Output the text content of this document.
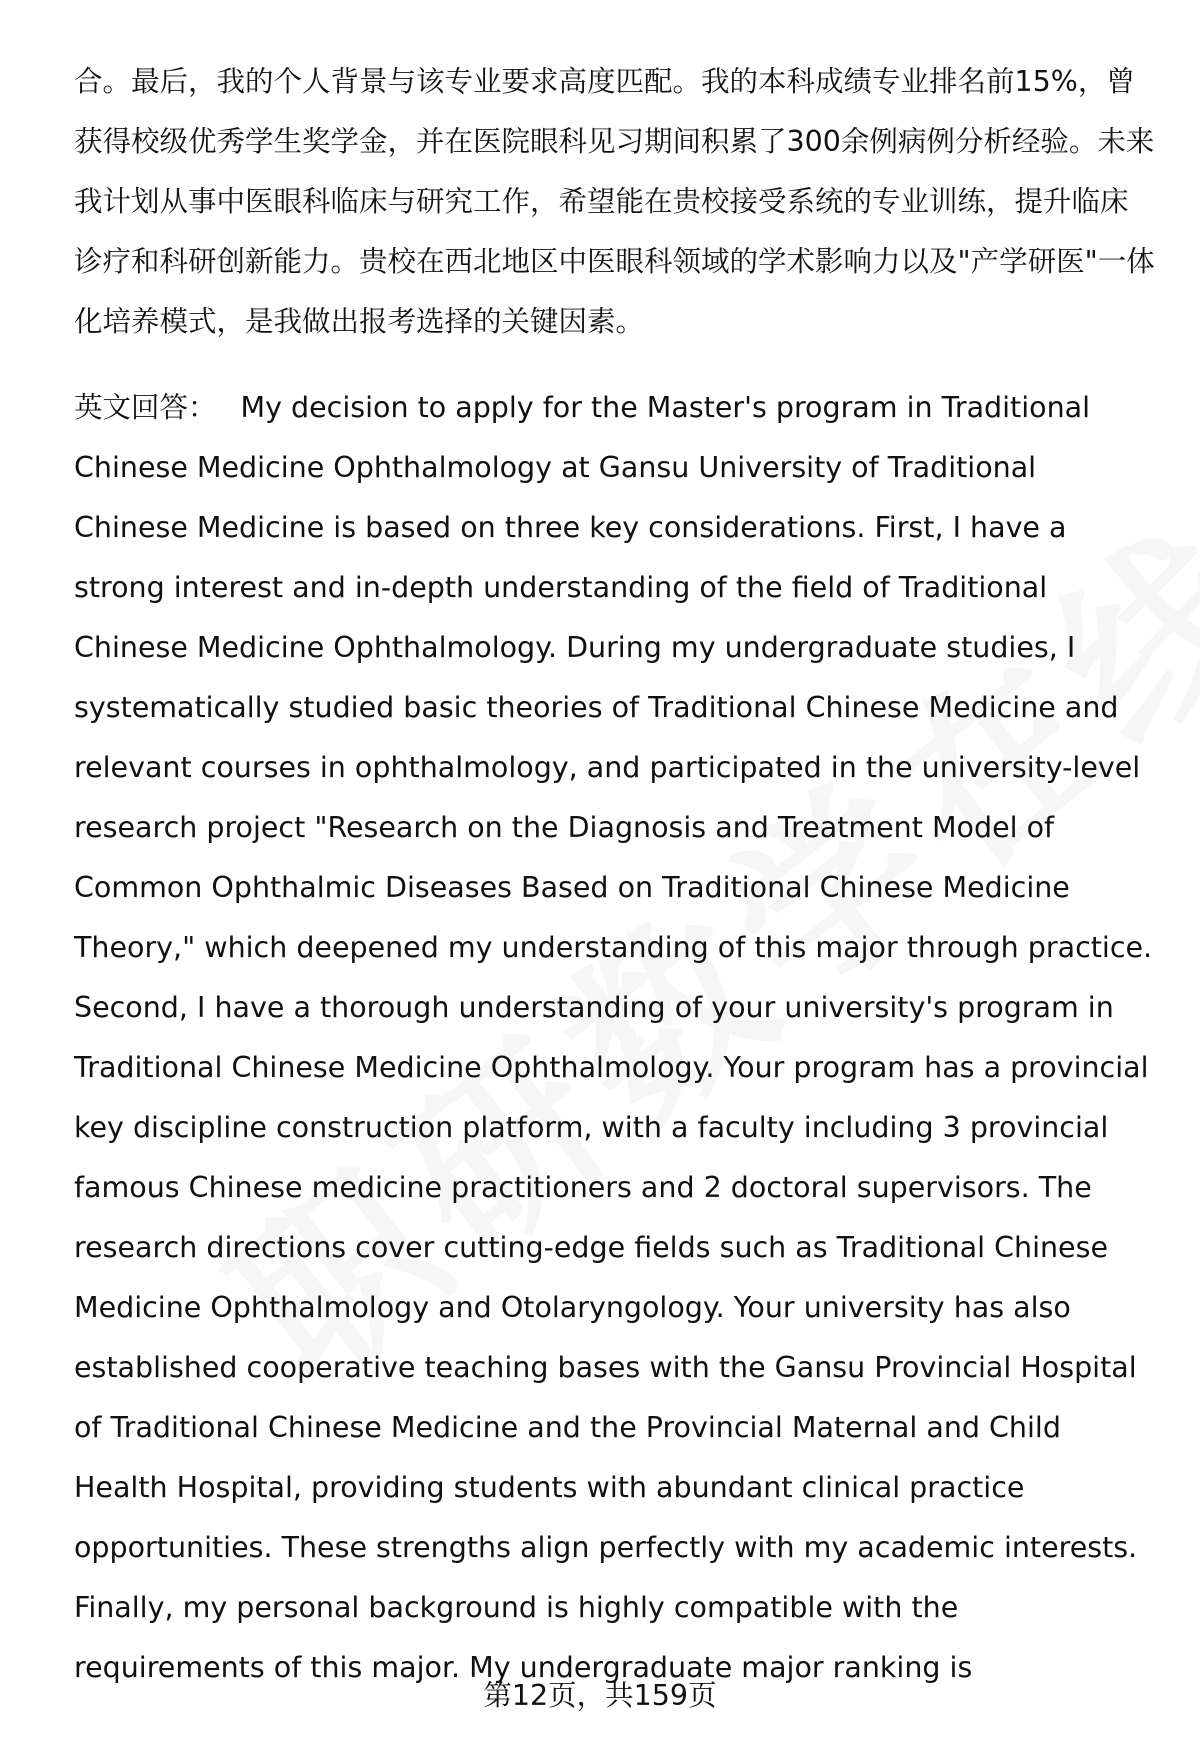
合。最后，我的个人背景与该专业要求高度匹配。我的本科成绩专业排名前15%，曾获得校级优秀学生奖学金，并在医院眼科见习期间积累了300余例病例分析经验。未来我计划从事中医眼科临床与研究工作，希望能在贵校接受系统的专业训练，提升临床诊疗和科研创新能力。贵校在西北地区中医眼科领域的学术影响力以及"产学研医"一体化培养模式，是我做出报考选择的关键因素。

英文回答： My decision to apply for the Master's program in Traditional Chinese Medicine Ophthalmology at Gansu University of Traditional Chinese Medicine is based on three key considerations. First, I have a strong interest and in-depth understanding of the field of Traditional Chinese Medicine Ophthalmology. During my undergraduate studies, I systematically studied basic theories of Traditional Chinese Medicine and relevant courses in ophthalmology, and participated in the university-level research project "Research on the Diagnosis and Treatment Model of Common Ophthalmic Diseases Based on Traditional Chinese Medicine Theory," which deepened my understanding of this major through practice. Second, I have a thorough understanding of your university's program in Traditional Chinese Medicine Ophthalmology. Your program has a provincial key discipline construction platform, with a faculty including 3 provincial famous Chinese medicine practitioners and 2 doctoral supervisors. The research directions cover cutting-edge fields such as Traditional Chinese Medicine Ophthalmology and Otolaryngology. Your university has also established cooperative teaching bases with the Gansu Provincial Hospital of Traditional Chinese Medicine and the Provincial Maternal and Child Health Hospital, providing students with abundant clinical practice opportunities. These strengths align perfectly with my academic interests. Finally, my personal background is highly compatible with the requirements of this major. My undergraduate major ranking is

第12页，共159页
